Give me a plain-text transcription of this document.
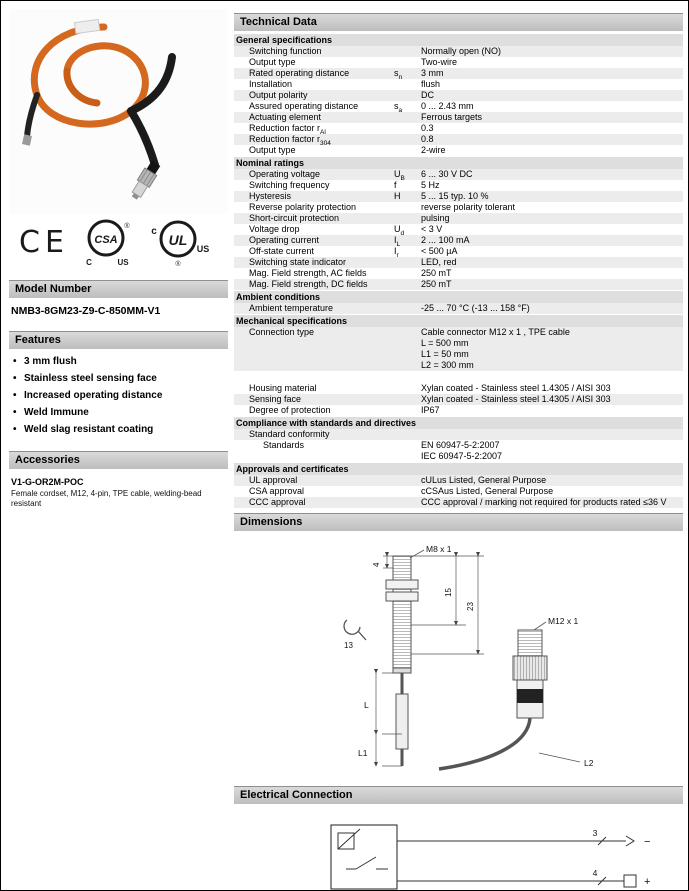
CE CSA
®
C	US
UL
c
US
®
Model Number
NMB3-8GM23-Z9-C-850MM-V1
Features
• 3 mm flush
• Stainless steel sensing face
• Increased operating distance
• Weld Immune
• Weld slag resistant coating
Accessories
V1-G-OR2M-POC
Female cordset, M12, 4-pin, TPE cable, welding-bead resistant
Technical Data
General specifications
Switching function	Normally open (NO)
Output type	Two-wire
Rated operating distance	$s_n$	3 mm
Installation	flush
Output polarity	DC
Assured operating distance	$s_a$	0 ... 2.43 mm
Actuating element	Ferrous targets
Reduction factor $r_{Al}$	0.3
Reduction factor $r_{304}$	0.8
Output type	2-wire
Nominal ratings
Operating voltage	$U_B$	6 ... 30 V DC
Switching frequency	f	5 Hz
Hysteresis	H	5 ... 15 typ. 10 %
Reverse polarity protection	reverse polarity tolerant
Short-circuit protection	pulsing
Voltage drop	$U_d$	< 3 V
Operating current	$I_L$	2 ... 100 mA
Off-state current	$I_r$	< 500 µA
Switching state indicator	LED, red
Mag. Field strength, AC fields	250 mT
Mag. Field strength, DC fields	250 mT
Ambient conditions
Ambient temperature	-25 ... 70 °C (-13 ... 158 °F)
Mechanical specifications
Connection type	Cable connector M12 x 1 , TPE cable
L = 500 mm
L1 = 50 mm
L2 = 300 mm
Housing material	Xylan coated - Stainless steel 1.4305 / AISI 303
Sensing face	Xylan coated - Stainless steel 1.4305 / AISI 303
Degree of protection	IP67
Compliance with standards and directives
Standard conformity
Standards	EN 60947-5-2:2007
IEC 60947-5-2:2007
Approvals and certificates
UL approval	cULus Listed, General Purpose
CSA approval	cCSAus Listed, General Purpose
CCC approval	CCC approval / marking not required for products rated ≤36 V
Dimensions
M8 x 1
4
13
15
23
L
L1
M12 x 1
L2
Electrical Connection
3
−
4
+
